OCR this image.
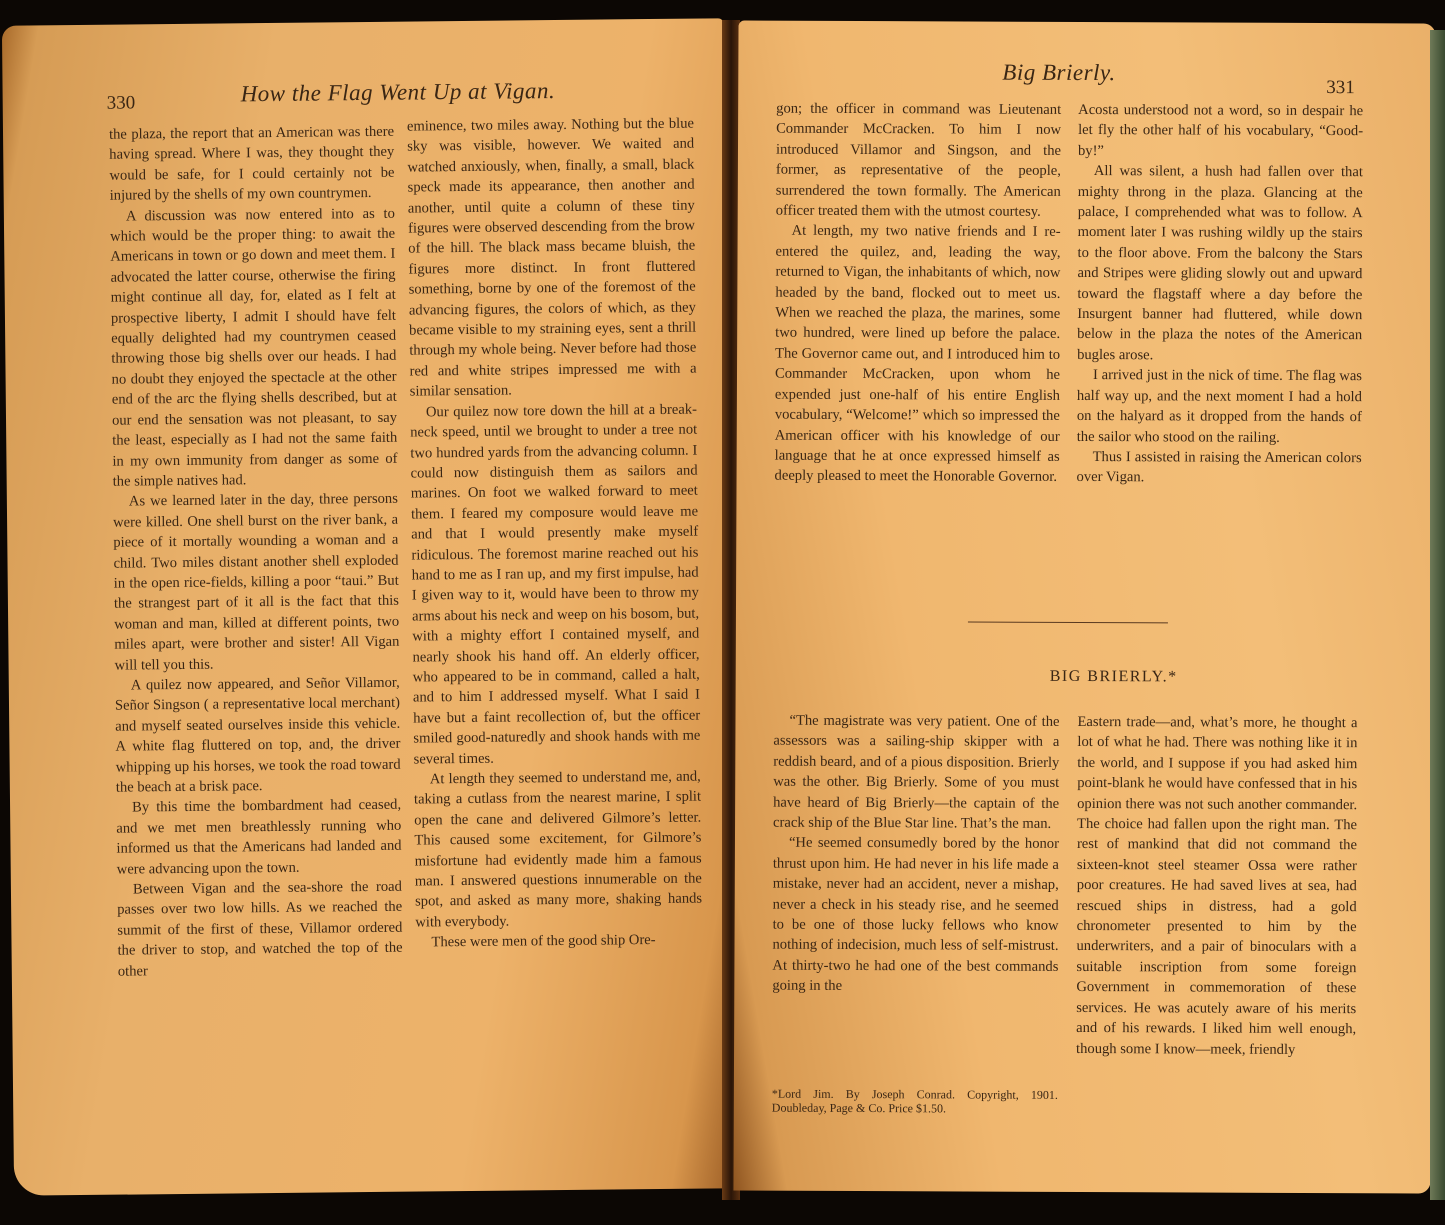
330	How the Flag Went Up at Vigan.

the plaza, the report that an American was there having spread. Where I was, they thought they would be safe, for I could certainly not be injured by the shells of my own countrymen.

A discussion was now entered into as to which would be the proper thing: to await the Americans in town or go down and meet them. I advocated the latter course, otherwise the firing might continue all day, for, elated as I felt at prospective liberty, I admit I should have felt equally delighted had my countrymen ceased throwing those big shells over our heads. I had no doubt they enjoyed the spectacle at the other end of the arc the flying shells described, but at our end the sensation was not pleasant, to say the least, especially as I had not the same faith in my own immunity from danger as some of the simple natives had.

As we learned later in the day, three persons were killed. One shell burst on the river bank, a piece of it mortally wounding a woman and a child. Two miles distant another shell exploded in the open rice-fields, killing a poor “taui.” But the strangest part of it all is the fact that this woman and man, killed at different points, two miles apart, were brother and sister! All Vigan will tell you this.

A quilez now appeared, and Señor Villamor, Señor Singson ( a representative local merchant) and myself seated ourselves inside this vehicle. A white flag fluttered on top, and, the driver whipping up his horses, we took the road toward the beach at a brisk pace.

By this time the bombardment had ceased, and we met men breathlessly running who informed us that the Americans had landed and were advancing upon the town.

Between Vigan and the sea-shore the road passes over two low hills. As we reached the summit of the first of these, Villamor ordered the driver to stop, and watched the top of the other

eminence, two miles away. Nothing but the blue sky was visible, however. We waited and watched anxiously, when, finally, a small, black speck made its appearance, then another and another, until quite a column of these tiny figures were observed descending from the brow of the hill. The black mass became bluish, the figures more distinct. In front fluttered something, borne by one of the foremost of the advancing figures, the colors of which, as they became visible to my straining eyes, sent a thrill through my whole being. Never before had those red and white stripes impressed me with a similar sensation.

Our quilez now tore down the hill at a break-neck speed, until we brought to under a tree not two hundred yards from the advancing column. I could now distinguish them as sailors and marines. On foot we walked forward to meet them. I feared my composure would leave me and that I would presently make myself ridiculous. The foremost marine reached out his hand to me as I ran up, and my first impulse, had I given way to it, would have been to throw my arms about his neck and weep on his bosom, but, with a mighty effort I contained myself, and nearly shook his hand off. An elderly officer, who appeared to be in command, called a halt, and to him I addressed myself. What I said I have but a faint recollection of, but the officer smiled good-naturedly and shook hands with me several times.

At length they seemed to understand me, and, taking a cutlass from the nearest marine, I split open the cane and delivered Gilmore’s letter. This caused some excitement, for Gilmore’s misfortune had evidently made him a famous man. I answered questions innumerable on the spot, and asked as many more, shaking hands with everybody.

These were men of the good ship Ore-

Big Brierly.
331

gon; the officer in command was Lieutenant Commander McCracken. To him I now introduced Villamor and Singson, and the former, as representative of the people, surrendered the town formally. The American officer treated them with the utmost courtesy.

At length, my two native friends and I re-entered the quilez, and, leading the way, returned to Vigan, the inhabitants of which, now headed by the band, flocked out to meet us. When we reached the plaza, the marines, some two hundred, were lined up before the palace. The Governor came out, and I introduced him to Commander McCracken, upon whom he expended just one-half of his entire English vocabulary, “Welcome!” which so impressed the American officer with his knowledge of our language that he at once expressed himself as deeply pleased to meet the Honorable Governor.

Acosta understood not a word, so in despair he let fly the other half of his vocabulary, “Good-by!”

All was silent, a hush had fallen over that mighty throng in the plaza. Glancing at the palace, I comprehended what was to follow. A moment later I was rushing wildly up the stairs to the floor above. From the balcony the Stars and Stripes were gliding slowly out and upward toward the flagstaff where a day before the Insurgent banner had fluttered, while down below in the plaza the notes of the American bugles arose.

I arrived just in the nick of time. The flag was half way up, and the next moment I had a hold on the halyard as it dropped from the hands of the sailor who stood on the railing.

Thus I assisted in raising the American colors over Vigan.

BIG BRIERLY.*

“The magistrate was very patient. One of the assessors was a sailing-ship skipper with a reddish beard, and of a pious disposition. Brierly was the other. Big Brierly. Some of you must have heard of Big Brierly—the captain of the crack ship of the Blue Star line. That’s the man.

“He seemed consumedly bored by the honor thrust upon him. He had never in his life made a mistake, never had an accident, never a mishap, never a check in his steady rise, and he seemed to be one of those lucky fellows who know nothing of indecision, much less of self-mistrust. At thirty-two he had one of the best commands going in the

*Lord Jim. By Joseph Conrad. Copyright, 1901. Doubleday, Page & Co. Price $1.50.

Eastern trade—and, what’s more, he thought a lot of what he had. There was nothing like it in the world, and I suppose if you had asked him point-blank he would have confessed that in his opinion there was not such another commander. The choice had fallen upon the right man. The rest of mankind that did not command the sixteen-knot steel steamer Ossa were rather poor creatures. He had saved lives at sea, had rescued ships in distress, had a gold chronometer presented to him by the underwriters, and a pair of binoculars with a suitable inscription from some foreign Government in commemoration of these services. He was acutely aware of his merits and of his rewards. I liked him well enough, though some I know—meek, friendly
